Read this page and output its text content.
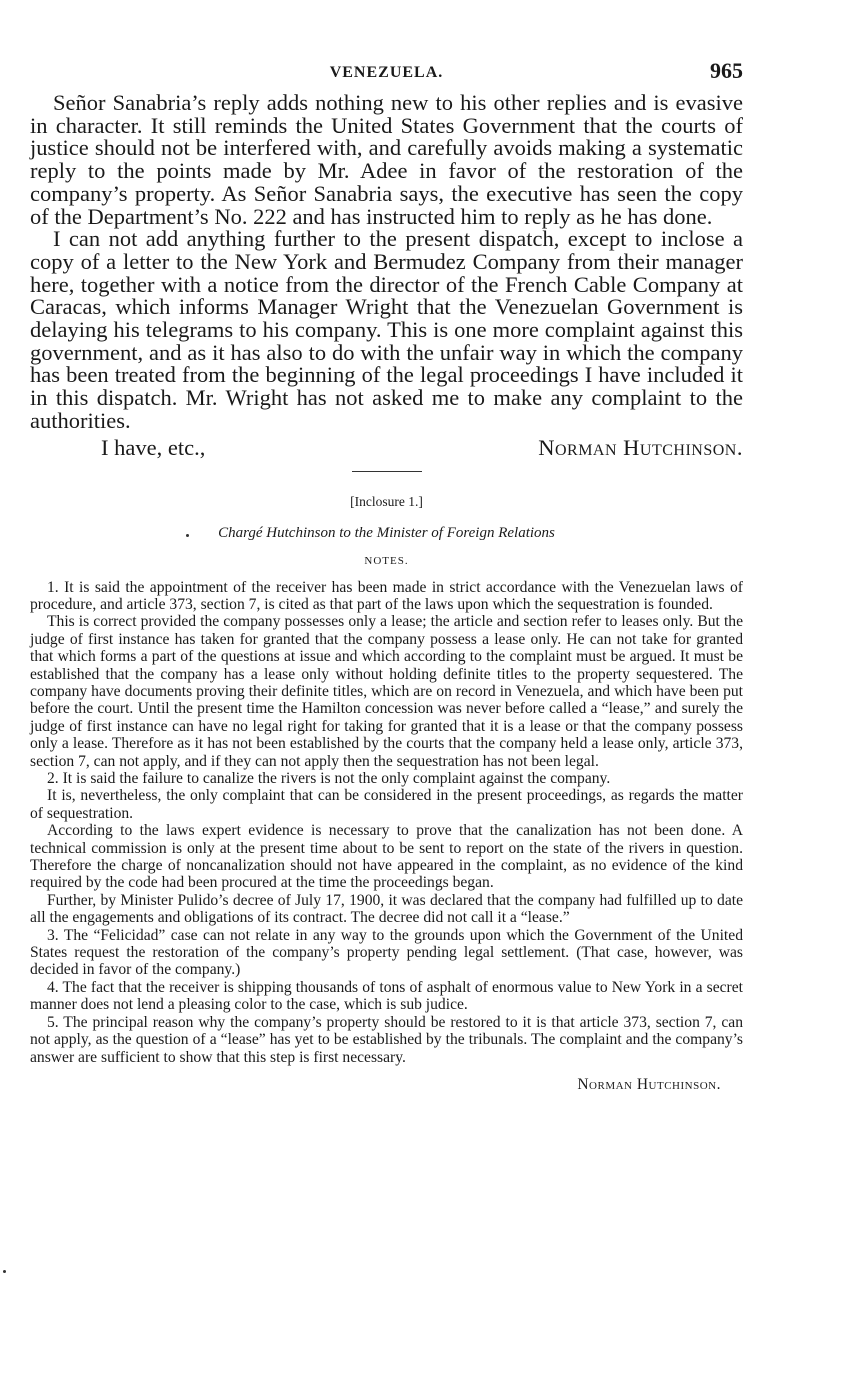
VENEZUELA.	965

Señor Sanabria’s reply adds nothing new to his other replies and is evasive in character. It still reminds the United States Government that the courts of justice should not be interfered with, and carefully avoids making a systematic reply to the points made by Mr. Adee in favor of the restoration of the company’s property. As Señor Sanabria says, the executive has seen the copy of the Department’s No. 222 and has instructed him to reply as he has done.

I can not add anything further to the present dispatch, except to inclose a copy of a letter to the New York and Bermudez Company from their manager here, together with a notice from the director of the French Cable Company at Caracas, which informs Manager Wright that the Venezuelan Government is delaying his telegrams to his company. This is one more complaint against this government, and as it has also to do with the unfair way in which the company has been treated from the beginning of the legal proceedings I have included it in this dispatch. Mr. Wright has not asked me to make any complaint to the authorities.

I have, etc.,	Norman Hutchinson.
[Inclosure 1.]
Chargé Hutchinson to the Minister of Foreign Relations
NOTES.

1. It is said the appointment of the receiver has been made in strict accordance with the Venezuelan laws of procedure, and article 373, section 7, is cited as that part of the laws upon which the sequestration is founded.

This is correct provided the company possesses only a lease; the article and section refer to leases only. But the judge of first instance has taken for granted that the company possess a lease only. He can not take for granted that which forms a part of the questions at issue and which according to the complaint must be argued. It must be established that the company has a lease only without holding definite titles to the property sequestered. The company have documents proving their definite titles, which are on record in Venezuela, and which have been put before the court. Until the present time the Hamilton concession was never before called a “lease,” and surely the judge of first instance can have no legal right for taking for granted that it is a lease or that the company possess only a lease. Therefore as it has not been established by the courts that the company held a lease only, article 373, section 7, can not apply, and if they can not apply then the sequestration has not been legal.

2. It is said the failure to canalize the rivers is not the only complaint against the company.

It is, nevertheless, the only complaint that can be considered in the present proceedings, as regards the matter of sequestration.

According to the laws expert evidence is necessary to prove that the canalization has not been done. A technical commission is only at the present time about to be sent to report on the state of the rivers in question. Therefore the charge of noncanalization should not have appeared in the complaint, as no evidence of the kind required by the code had been procured at the time the proceedings began.

Further, by Minister Pulido’s decree of July 17, 1900, it was declared that the company had fulfilled up to date all the engagements and obligations of its contract. The decree did not call it a “lease.”

3. The “Felicidad” case can not relate in any way to the grounds upon which the Government of the United States request the restoration of the company’s property pending legal settlement. (That case, however, was decided in favor of the company.)

4. The fact that the receiver is shipping thousands of tons of asphalt of enormous value to New York in a secret manner does not lend a pleasing color to the case, which is sub judice.

5. The principal reason why the company’s property should be restored to it is that article 373, section 7, can not apply, as the question of a “lease” has yet to be established by the tribunals. The complaint and the company’s answer are sufficient to show that this step is first necessary.

Norman Hutchinson.
